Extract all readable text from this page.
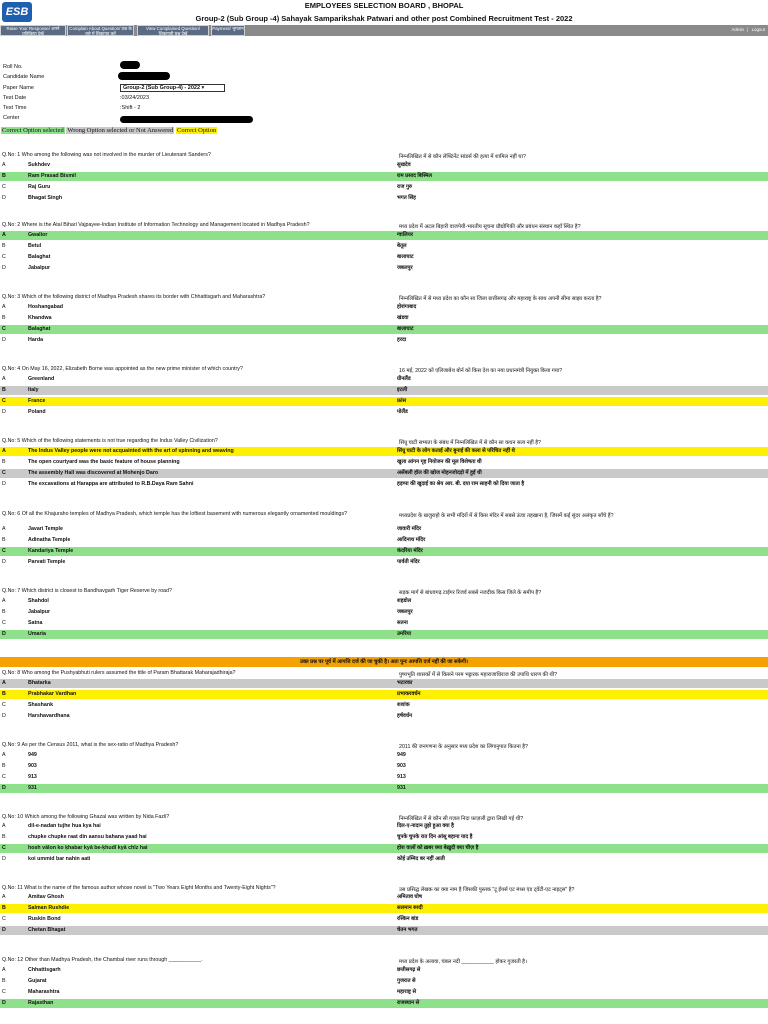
ESB
EMPLOYEES SELECTION BOARD , BHOPAL
Group-2 (Sub Group -4) Sahayak Samparikshak Patwari and other post Combined Recruitment Test - 2022
Raise Your Response/ अपने प्रतिक्रिया देखें
Complain About Question/ प्रश्न के बारे में शिकायत करें
View Complained Question/ शिकायती प्रश्न देखें
Payment/ भुगतान	Admin | Logout
Roll No.
Candidate Name
Paper Name	Group-2 (Sub Group-4) - 2022 ▾
Test Date	:03/24/2023
Test Time	:Shift - 2
Center
Correct Option selected Wrong Option selected or Not Answered Correct Option
Q.No: 1 Who among the following was not involved in the murder of Lieutenant Sanders?	निम्नलिखित में से कौन लेफ्टिनेंट सांडर्स की हत्या में शामिल नहीं था?
A	Sukhdev	सुखदेव
B	Ram Prasad Bismil	राम प्रसाद बिस्मिल
C	Raj Guru	राज गुरु
D	Bhagat Singh	भगत सिंह
Q.No: 2 Where is the Atal Bihari Vajpayee-Indian Institute of Information Technology and Management located in Madhya Pradesh?	मध्य प्रदेश में अटल बिहारी वाजपेयी-भारतीय सूचना प्रौद्योगिकी और प्रबंधन संस्थान कहाँ स्थित है?
A	Gwalior	ग्वालियर
B	Betul	बेतूल
C	Balaghat	बालाघाट
D	Jabalpur	जबलपुर
Q.No: 3 Which of the following district of Madhya Pradesh shares its border with Chhattisgarh and Maharashtra?	निम्नलिखित में से मध्य प्रदेश का कौन सा जिला छत्तीसगढ़ और महाराष्ट्र के साथ अपनी सीमा साझा करता है?
A	Hoshangabad	होशंगाबाद
B	Khandwa	खंडवा
C	Balaghat	बालाघाट
D	Harda	हरदा
Q.No: 4 On May 16, 2022, Elizabeth Borne was appointed as the new prime minister of which country?	16 मई, 2022 को एलिजाबेथ बोर्न को किस देश का नया प्रधानमंत्री नियुक्त किया गया?
A	Greenland	ग्रीनलैंड
B	Italy	इटली
C	France	फ्रांस
D	Poland	पोलैंड
Q.No: 5 Which of the following statements is not true regarding the Indus Valley Civilization?	सिंधु घाटी सभ्यता के संबंध में निम्नलिखित में से कौन सा कथन सत्य नहीं है?
A	The Indus Valley people were not acquainted with the art of spinning and weaving	सिंधु घाटी के लोग कताई और बुनाई की कला से परिचित नहीं थे
B	The open courtyard was the basic feature of house planning	खुला आंगन गृह नियोजन की मूल विशेषता थी
C	The assembly Hall was discovered at Mohenjo Daro	असेंबली हॉल की खोज मोहनजोदड़ो में हुई थी
D	The excavations at Harappa are attributed to R.B.Daya Ram Sahni	हड़प्पा की खुदाई का श्रेय आर. बी. दया राम साहनी को दिया जाता है
Q.No: 6 Of all the Khajuraho temples of Madhya Pradesh, which temple has the loftiest basement with numerous elegantly ornamented mouldings?	मध्यप्रदेश के खजुराहो के सभी मंदिरों में से किस मंदिर में सबसे ऊंचा तहखाना है, जिसमें कई सुंदर अलंकृत साँचे हैं?
A	Javari Temple	जावारी मंदिर
B	Adinatha Temple	आदिनाथ मंदिर
C	Kandariya Temple	कंदरिया मंदिर
D	Parvati Temple	पार्वती मंदिर
Q.No: 7 Which district is closest to Bandhavgarh Tiger Reserve by road?	सड़क मार्ग से बांधवगढ़ टाईगर रिजर्व सबसे नजदीक किस जिले के समीप है?
A	Shahdol	शहडोल
B	Jabalpur	जबलपुर
C	Satna	सतना
D	Umaria	उमरिया
Q.No: 8 Who among the Pushyabhuti rulers assumed the title of Param Bhattarak Maharajadhiraja?	पुष्यभूति शासकों में से किसने परम भट्टारक महाराजाधिराज की उपाधि धारण की थी?
A	Bhatarka	भटारका
B	Prabhakar Vardhan	प्रभाकरवर्धन
C	Shashank	शशांक
D	Harshavardhana	हर्षवर्धन
Q.No: 9 As per the Census 2011, what is the sex-ratio of Madhya Pradesh?	2011 की जनगणना के अनुसार मध्य प्रदेश का लिंगानुपात कितना है?
A	949	949
B	903	903
C	913	913
D	931	931
Q.No: 10 Which among the following Ghazal was written by Nida Fazli?	निम्नलिखित में से कौन सी ग़ज़ल निदा फ़ाज़ली द्वारा लिखी गई थी?
A	dil-e-nadan tujhe hua kya hai	दिल-ए-नादान तुझे हुआ क्या है
B	chupke chupke raat din aansu bahana yaad hai	चुपके चुपके रात दिन आंसू बहाना याद है
C	hosh vālon ko ḳhabar kyā be-ḳhudī kyā chīz hai	होश वालों को ख़बर क्या बेख़ुदी क्या चीज़ है
D	koi ummid bar nahin aati	कोई उम्मिद बर नहीं आती
Q.No: 11 What is the name of the famous author whose novel is "Two Years Eight Months and Twenty-Eight Nights"?	उस प्रसिद्ध लेखक का क्या नाम है जिसकी पुस्तक "टू ईयर्स एट मंथ्स एंड ट्वेंटी-एट नाइट्स" है?
A	Amitav Ghosh	अमिताव घोष
B	Salman Rushdie	सलमान रुश्दी
C	Ruskin Bond	रस्किन बांड
D	Chetan Bhagat	चेतन भगत
Q.No: 12 Other than Madhya Pradesh, the Chambal river runs through ___________.	मध्य प्रदेश के अलावा, चंबल नदी ___________ होकर गुजरती है।
A	Chhattisgarh	छत्तीसगढ़ से
B	Gujarat	गुजरात से
C	Maharashtra	महाराष्ट्र से
D	Rajasthan	राजस्थान से
उक्त प्रश्न पर पूर्व में आपत्ति दर्ज की जा चुकी है। अतः पुनः आपत्ति दर्ज नहीं की जा सकेगी।
